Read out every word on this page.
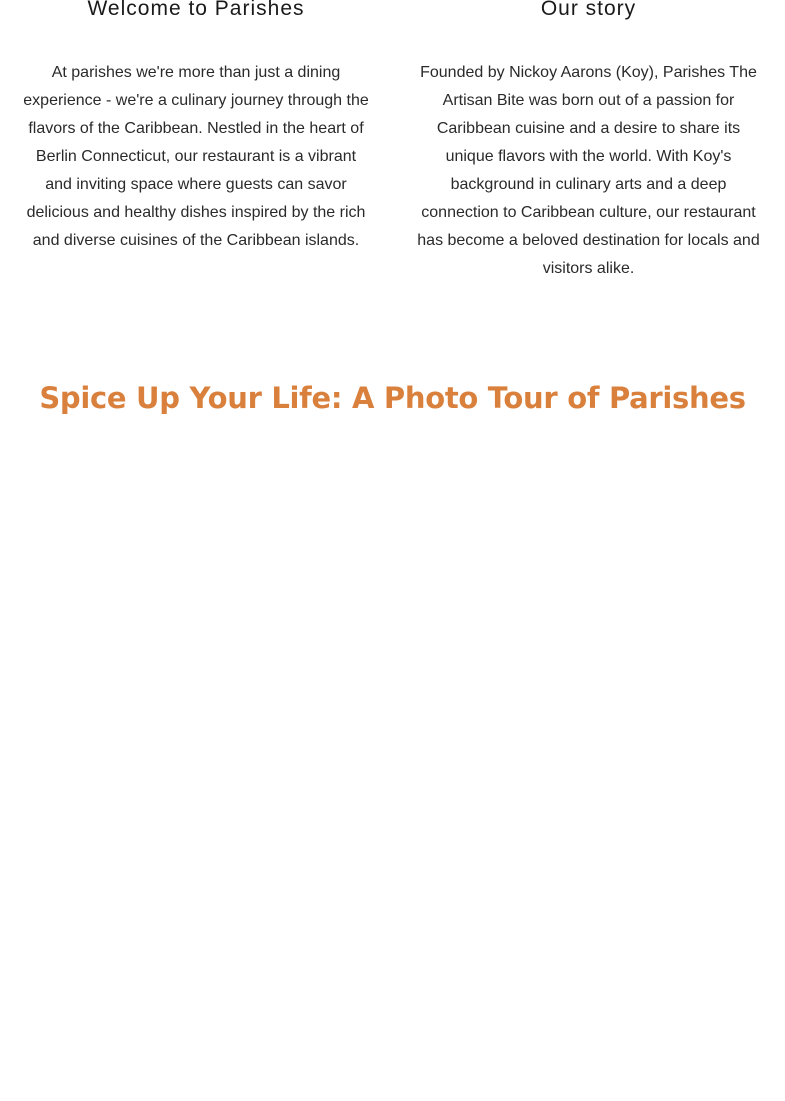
Welcome to Parishes

At parishes we're more than just a dining experience - we're a culinary journey through the flavors of the Caribbean. Nestled in the heart of Berlin Connecticut, our restaurant is a vibrant and inviting space where guests can savor delicious and healthy dishes inspired by the rich and diverse cuisines of the Caribbean islands.

Our story

Founded by Nickoy Aarons (Koy), Parishes The Artisan Bite was born out of a passion for Caribbean cuisine and a desire to share its unique flavors with the world. With Koy's background in culinary arts and a deep connection to Caribbean culture, our restaurant has become a beloved destination for locals and visitors alike.

Spice Up Your Life: A Photo Tour of Parishes
